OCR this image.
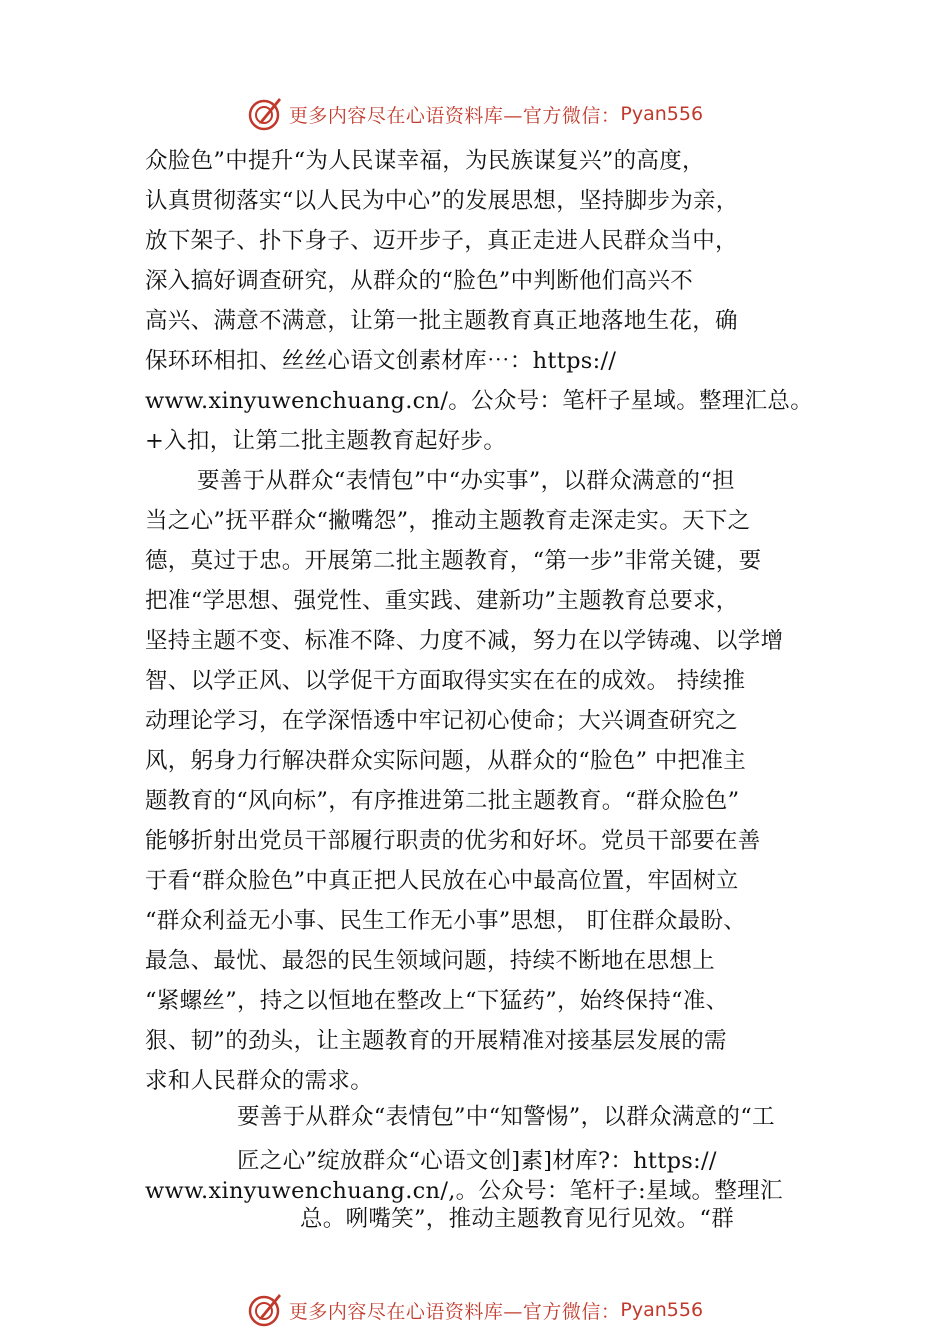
更多内容尽在心语资料库—官方微信： Pyan556
众脸色”中提升“为人民谋幸福，为民族谋复兴”的高度，
认真贯彻落实“以人民为中心”的发展思想，坚持脚步为亲，
放下架子、扑下身子、迈开步子，真正走进人民群众当中，
深入搞好调查研究，从群众的“脸色”中判断他们高兴不
高兴、满意不满意，让第一批主题教育真正地落地生花，确
保环环相扣、丝丝心语文创素材库⋯：https://
www.xinyuwenchuang.cn/。公众号：笔杆子星域。整理汇总。
+入扣，让第二批主题教育起好步。
要善于从群众“表情包”中“办实事”，以群众满意的“担
当之心”抚平群众“撇嘴怨”，推动主题教育走深走实。天下之
德，莫过于忠。开展第二批主题教育，“第一步”非常关键，要
把准“学思想、强党性、重实践、建新功”主题教育总要求，
坚持主题不变、标准不降、力度不减，努力在以学铸魂、以学增
智、以学正风、以学促干方面取得实实在在的成效。 持续推
动理论学习，在学深悟透中牢记初心使命；大兴调查研究之
风，躬身力行解决群众实际问题，从群众的“脸色” 中把准主
题教育的“风向标”，有序推进第二批主题教育。“群众脸色”
能够折射出党员干部履行职责的优劣和好坏。党员干部要在善
于看“群众脸色”中真正把人民放在心中最高位置，牢固树立
“群众利益无小事、民生工作无小事”思想， 盯住群众最盼、
最急、最忧、最怨的民生领域问题，持续不断地在思想上
“紧螺丝”，持之以恒地在整改上“下猛药”，始终保持“准、
狠、韧”的劲头，让主题教育的开展精准对接基层发展的需
求和人民群众的需求。
要善于从群众“表情包”中“知警惕”，以群众满意的“工
匠之心”绽放群众“心语文创]素]材库?：https://
www.xinyuwenchuang.cn/,。公众号：笔杆子:星域。整理汇
总。咧嘴笑”，推动主题教育见行见效。“群
更多内容尽在心语资料库—官方微信： Pyan556
